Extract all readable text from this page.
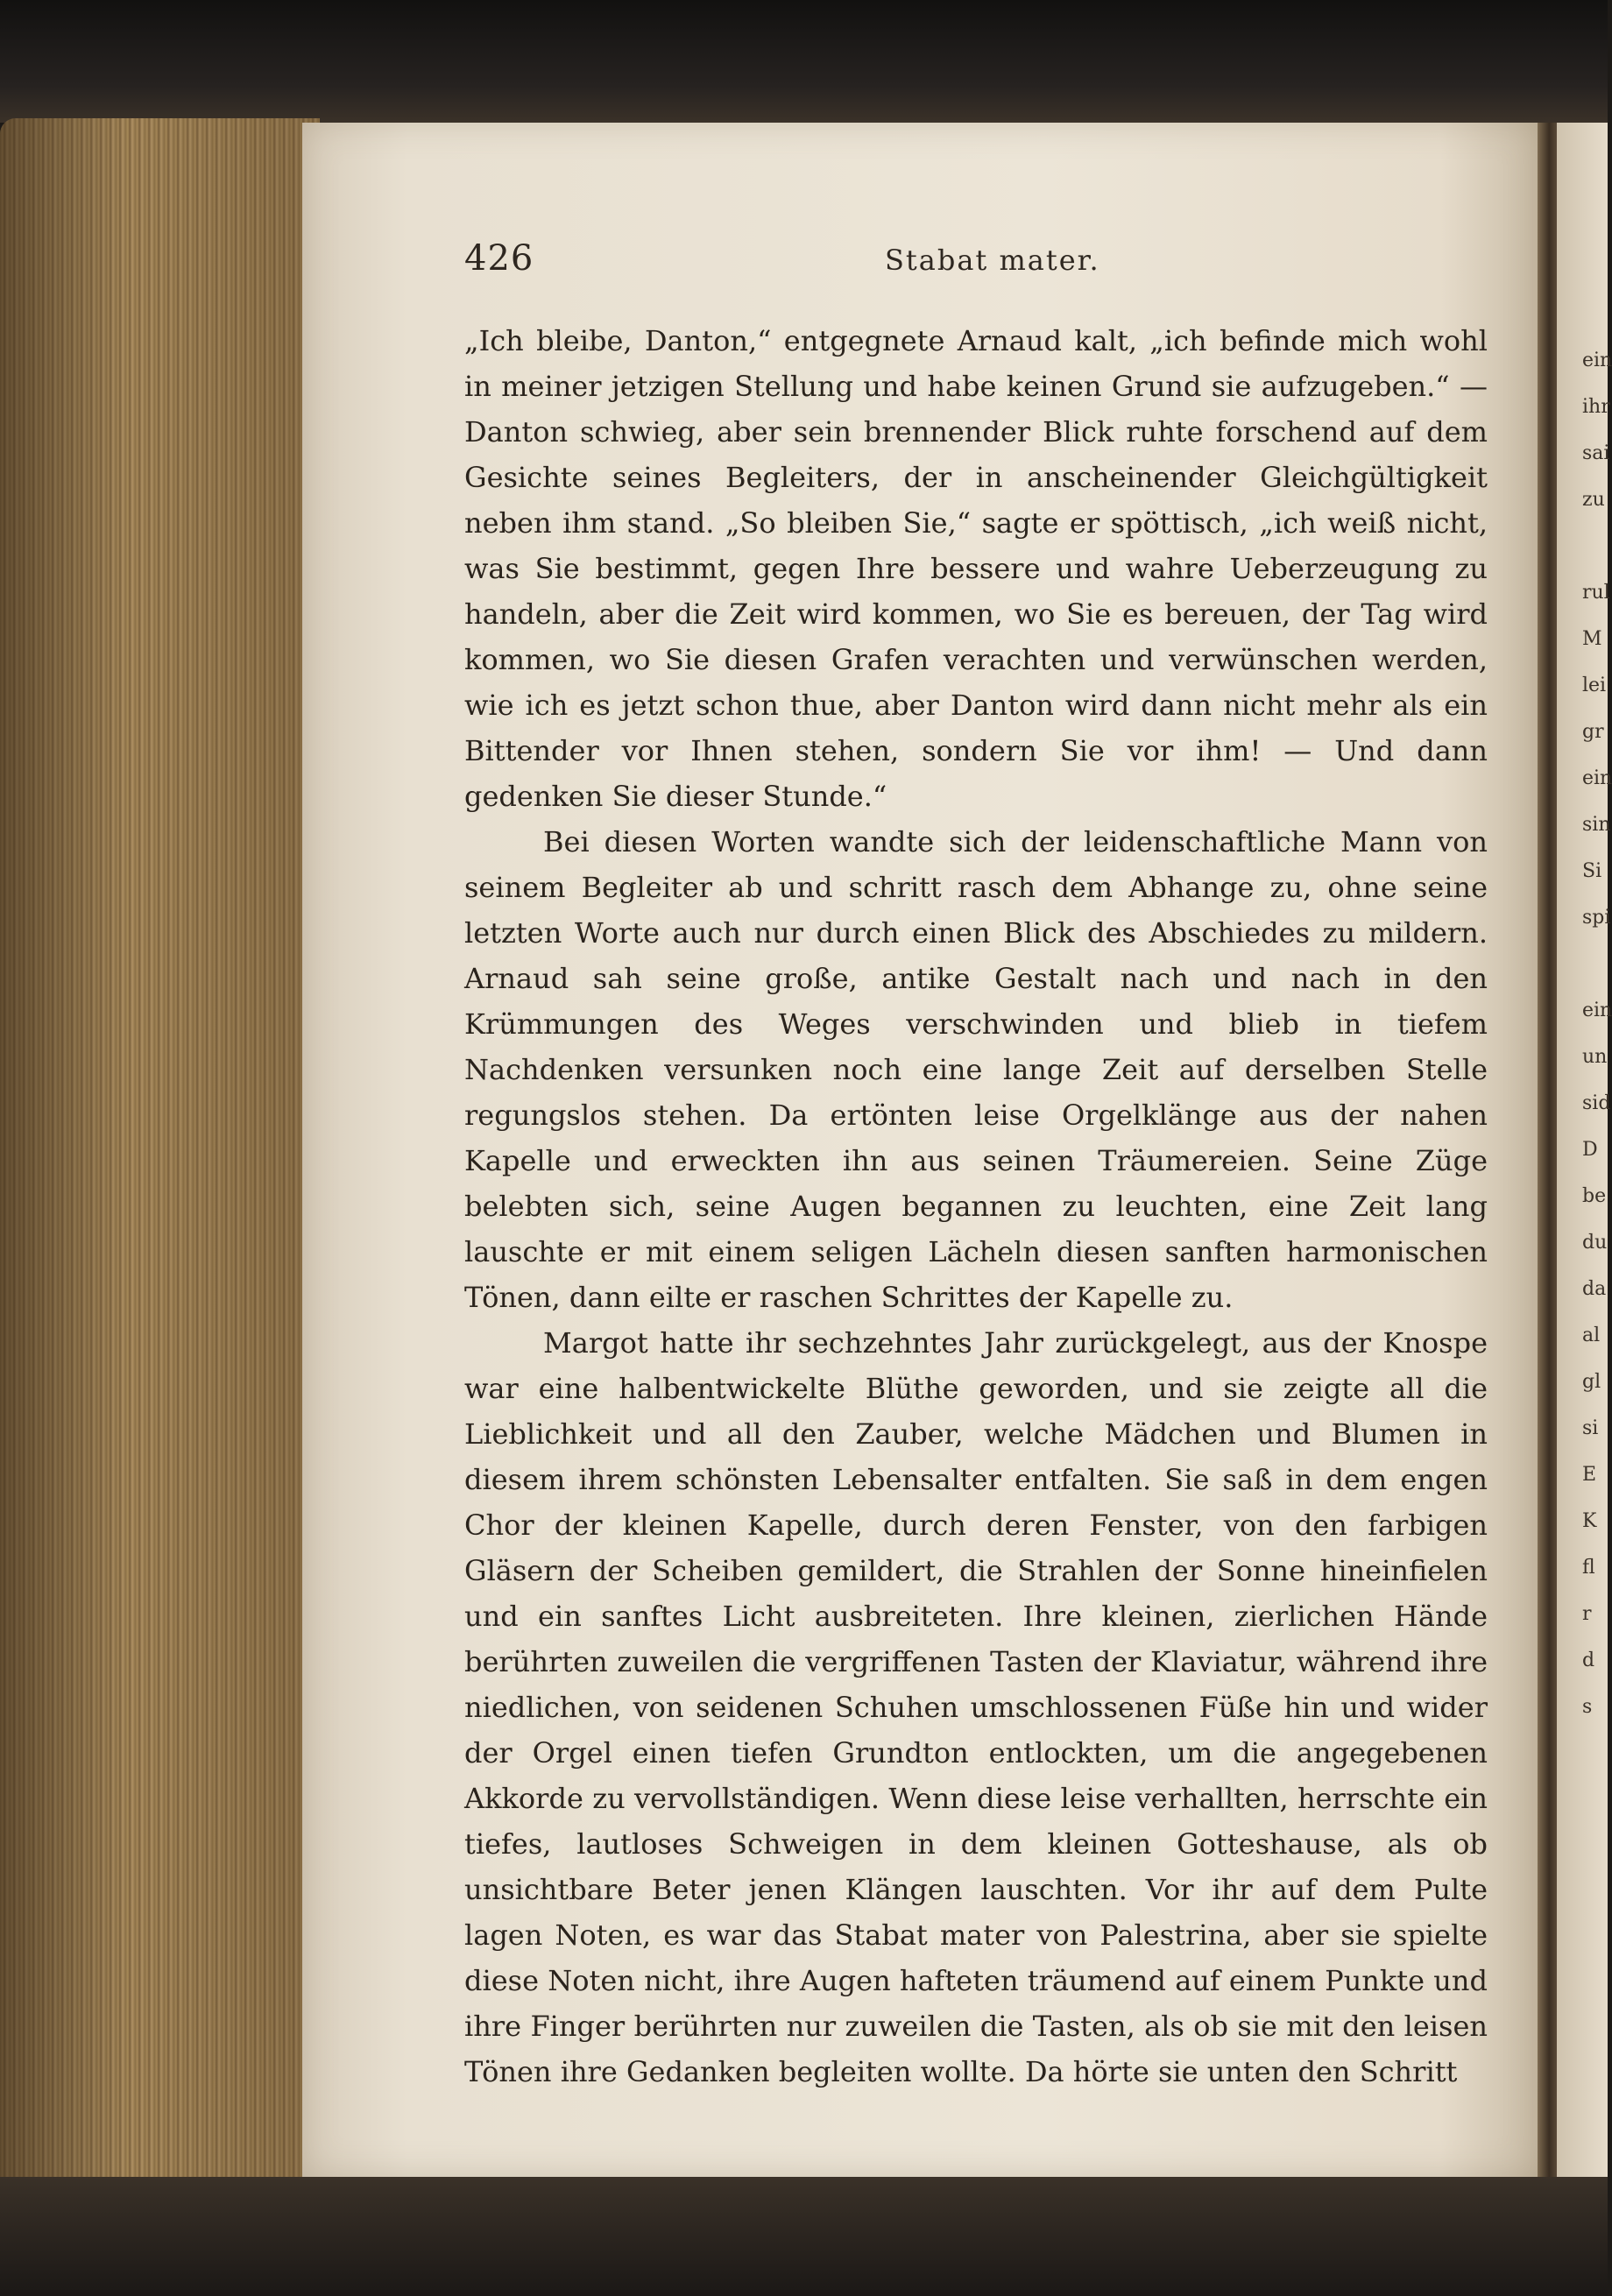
426	Stabat mater.

„Ich bleibe, Danton,“ entgegnete Arnaud kalt, „ich befinde mich wohl in meiner jetzigen Stellung und habe keinen Grund sie aufzugeben.“ — Danton schwieg, aber sein brennender Blick ruhte forschend auf dem Gesichte seines Begleiters, der in anscheinender Gleichgültigkeit neben ihm stand. „So bleiben Sie,“ sagte er spöttisch, „ich weiß nicht, was Sie bestimmt, gegen Ihre bessere und wahre Ueberzeugung zu handeln, aber die Zeit wird kommen, wo Sie es bereuen, der Tag wird kommen, wo Sie diesen Grafen verachten und verwünschen werden, wie ich es jetzt schon thue, aber Danton wird dann nicht mehr als ein Bittender vor Ihnen stehen, sondern Sie vor ihm! — Und dann gedenken Sie dieser Stunde.“

Bei diesen Worten wandte sich der leidenschaftliche Mann von seinem Begleiter ab und schritt rasch dem Abhange zu, ohne seine letzten Worte auch nur durch einen Blick des Abschiedes zu mildern. Arnaud sah seine große, antike Gestalt nach und nach in den Krümmungen des Weges verschwinden und blieb in tiefem Nachdenken versunken noch eine lange Zeit auf derselben Stelle regungslos stehen. Da ertönten leise Orgelklänge aus der nahen Kapelle und erweckten ihn aus seinen Träumereien. Seine Züge belebten sich, seine Augen begannen zu leuchten, eine Zeit lang lauschte er mit einem seligen Lächeln diesen sanften harmonischen Tönen, dann eilte er raschen Schrittes der Kapelle zu.

Margot hatte ihr sechzehntes Jahr zurückgelegt, aus der Knospe war eine halbentwickelte Blüthe geworden, und sie zeigte all die Lieblichkeit und all den Zauber, welche Mädchen und Blumen in diesem ihrem schönsten Lebensalter entfalten. Sie saß in dem engen Chor der kleinen Kapelle, durch deren Fenster, von den farbigen Gläsern der Scheiben gemildert, die Strahlen der Sonne hineinfielen und ein sanftes Licht ausbreiteten. Ihre kleinen, zierlichen Hände berührten zuweilen die vergriffenen Tasten der Klaviatur, während ihre niedlichen, von seidenen Schuhen umschlossenen Füße hin und wider der Orgel einen tiefen Grundton entlockten, um die angegebenen Akkorde zu vervollständigen. Wenn diese leise verhallten, herrschte ein tiefes, lautloses Schweigen in dem kleinen Gotteshause, als ob unsichtbare Beter jenen Klängen lauschten. Vor ihr auf dem Pulte lagen Noten, es war das Stabat mater von Palestrina, aber sie spielte diese Noten nicht, ihre Augen hafteten träumend auf einem Punkte und ihre Finger berührten nur zuweilen die Tasten, als ob sie mit den leisen Tönen ihre Gedanken begleiten wollte. Da hörte sie unten den Schritt

ein
ihr
sai
zu
rul
M
lei
gr
ein
sin
Si
spi
ein
un
sid
D
be
du
da
al
gl
si
E
K
fl
r
d
s
